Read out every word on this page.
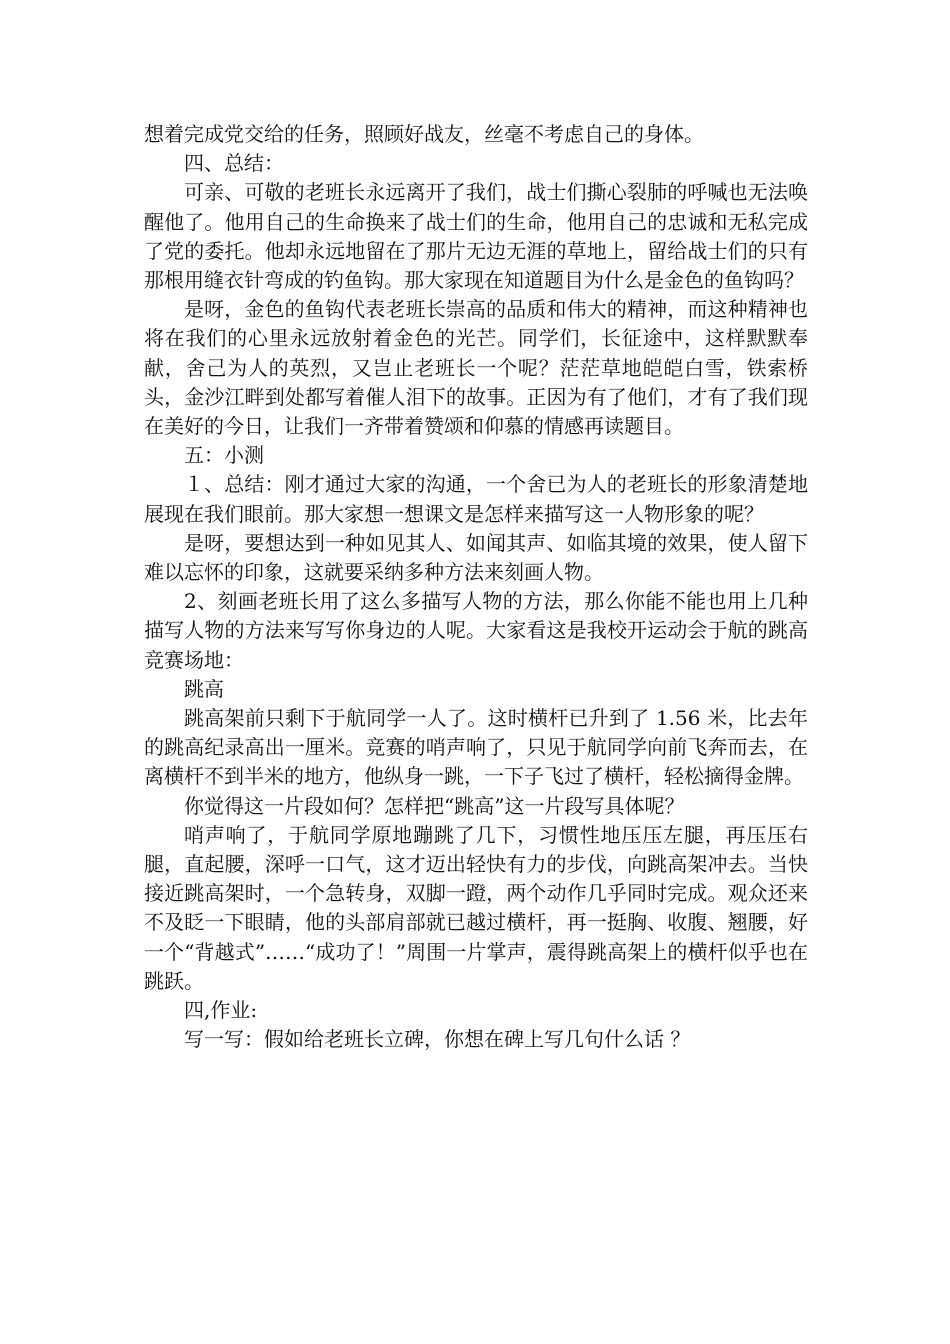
想着完成党交给的任务，照顾好战友，丝毫不考虑自己的身体。

四、总结：

可亲、可敬的老班长永远离开了我们，战士们撕心裂肺的呼喊也无法唤醒他了。他用自己的生命换来了战士们的生命，他用自己的忠诚和无私完成了党的委托。他却永远地留在了那片无边无涯的草地上，留给战士们的只有那根用缝衣针弯成的钓鱼钩。那大家现在知道题目为什么是金色的鱼钩吗？

是呀，金色的鱼钩代表老班长崇高的品质和伟大的精神，而这种精神也将在我们的心里永远放射着金色的光芒。同学们，长征途中，这样默默奉献，舍己为人的英烈，又岂止老班长一个呢？茫茫草地皑皑白雪，铁索桥头，金沙江畔到处都写着催人泪下的故事。正因为有了他们，才有了我们现在美好的今日，让我们一齐带着赞颂和仰慕的情感再读题目。

五：小测

１、总结：刚才通过大家的沟通，一个舍已为人的老班长的形象清楚地展现在我们眼前。那大家想一想课文是怎样来描写这一人物形象的呢？

是呀，要想达到一种如见其人、如闻其声、如临其境的效果，使人留下难以忘怀的印象，这就要采纳多种方法来刻画人物。

2、刻画老班长用了这么多描写人物的方法，那么你能不能也用上几种描写人物的方法来写写你身边的人呢。大家看这是我校开运动会于航的跳高竞赛场地：

跳高

跳高架前只剩下于航同学一人了。这时横杆已升到了 1.56 米，比去年的跳高纪录高出一厘米。竞赛的哨声响了，只见于航同学向前飞奔而去，在离横杆不到半米的地方，他纵身一跳，一下子飞过了横杆，轻松摘得金牌。

你觉得这一片段如何？怎样把“跳高”这一片段写具体呢？

哨声响了，于航同学原地蹦跳了几下，习惯性地压压左腿，再压压右腿，直起腰，深呼一口气，这才迈出轻快有力的步伐，向跳高架冲去。当快接近跳高架时，一个急转身，双脚一蹬，两个动作几乎同时完成。观众还来不及眨一下眼睛，他的头部肩部就已越过横杆，再一挺胸、收腹、翘腰，好一个“背越式”……“成功了！”周围一片掌声，震得跳高架上的横杆似乎也在跳跃。

四,作业:

写一写：假如给老班长立碑，你想在碑上写几句什么话 ？
